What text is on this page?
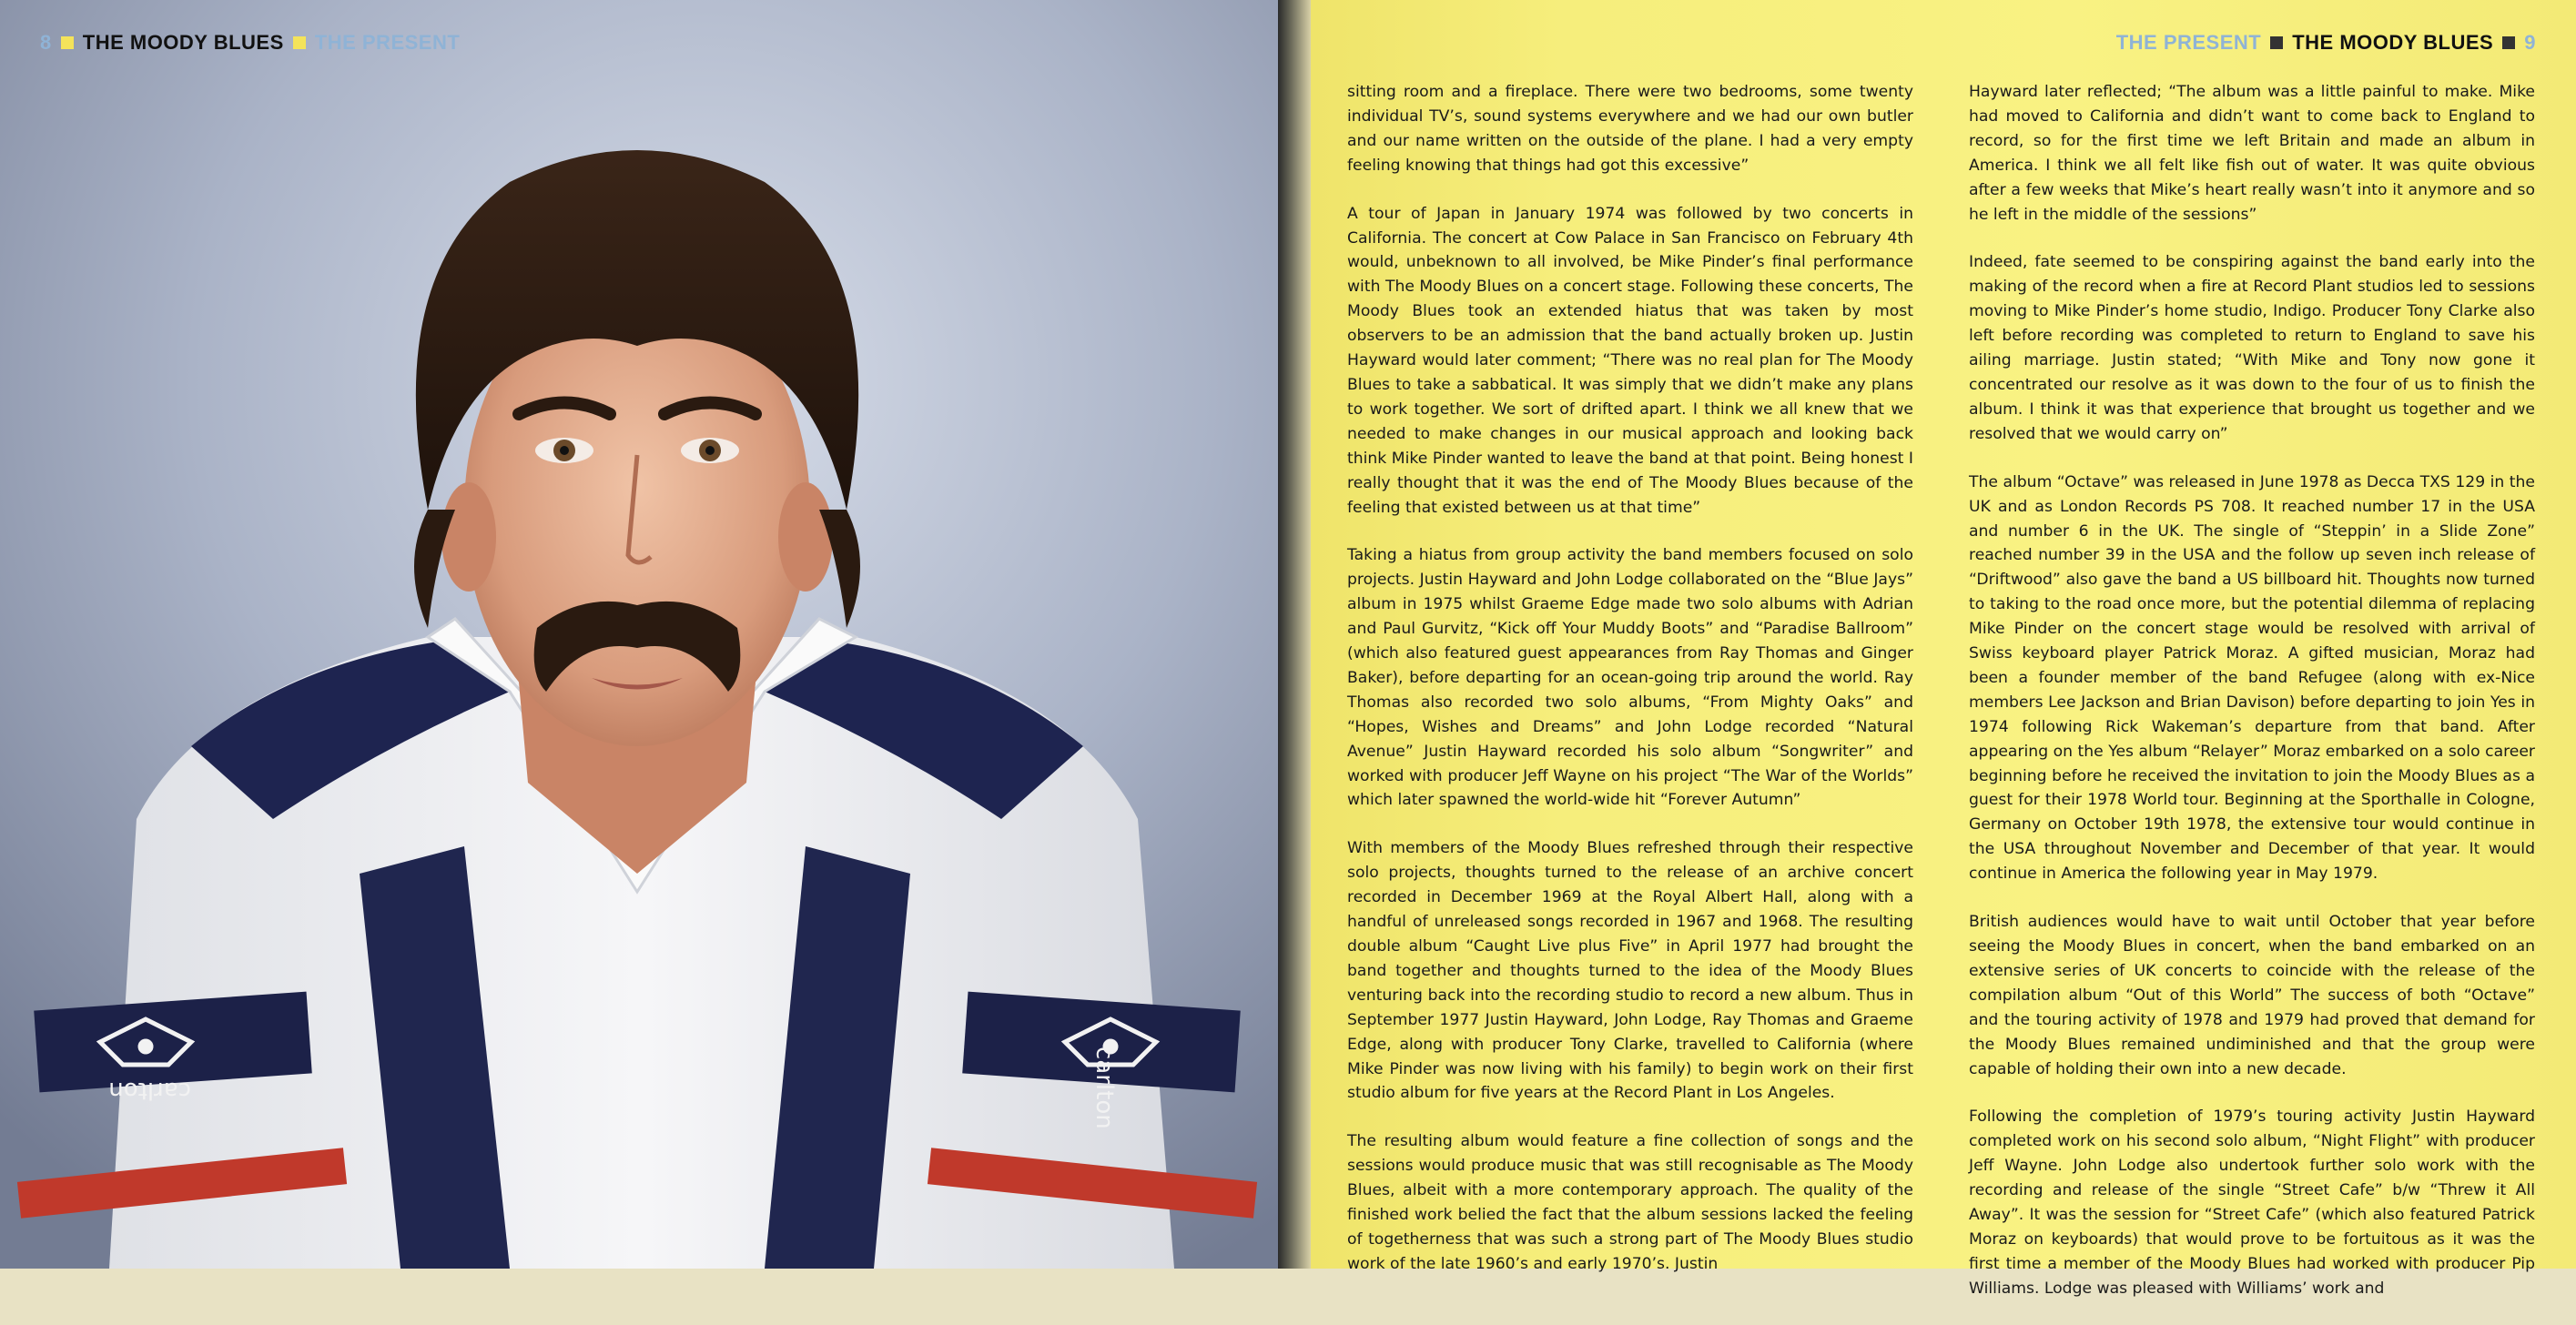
carlton	carlton
8 THE MOODY BLUES THE PRESENT	THE PRESENT THE MOODY BLUES 9

sitting room and a fireplace. There were two bedrooms, some twenty individual TV’s, sound systems everywhere and we had our own butler and our name written on the outside of the plane. I had a very empty feeling knowing that things had got this excessive”

A tour of Japan in January 1974 was followed by two concerts in California. The concert at Cow Palace in San Francisco on February 4th would, unbeknown to all involved, be Mike Pinder’s final performance with The Moody Blues on a concert stage. Following these concerts, The Moody Blues took an extended hiatus that was taken by most observers to be an admission that the band actually broken up. Justin Hayward would later comment; “There was no real plan for The Moody Blues to take a sabbatical. It was simply that we didn’t make any plans to work together. We sort of drifted apart. I think we all knew that we needed to make changes in our musical approach and looking back think Mike Pinder wanted to leave the band at that point. Being honest I really thought that it was the end of The Moody Blues because of the feeling that existed between us at that time”

Taking a hiatus from group activity the band members focused on solo projects. Justin Hayward and John Lodge collaborated on the “Blue Jays” album in 1975 whilst Graeme Edge made two solo albums with Adrian and Paul Gurvitz, “Kick off Your Muddy Boots” and “Paradise Ballroom” (which also featured guest appearances from Ray Thomas and Ginger Baker), before departing for an ocean-going trip around the world. Ray Thomas also recorded two solo albums, “From Mighty Oaks” and “Hopes, Wishes and Dreams” and John Lodge recorded “Natural Avenue” Justin Hayward recorded his solo album “Songwriter” and worked with producer Jeff Wayne on his project “The War of the Worlds” which later spawned the world-wide hit “Forever Autumn”

With members of the Moody Blues refreshed through their respective solo projects, thoughts turned to the release of an archive concert recorded in December 1969 at the Royal Albert Hall, along with a handful of unreleased songs recorded in 1967 and 1968. The resulting double album “Caught Live plus Five” in April 1977 had brought the band together and thoughts turned to the idea of the Moody Blues venturing back into the recording studio to record a new album. Thus in September 1977 Justin Hayward, John Lodge, Ray Thomas and Graeme Edge, along with producer Tony Clarke, travelled to California (where Mike Pinder was now living with his family) to begin work on their first studio album for five years at the Record Plant in Los Angeles.

The resulting album would feature a fine collection of songs and the sessions would produce music that was still recognisable as The Moody Blues, albeit with a more contemporary approach. The quality of the finished work belied the fact that the album sessions lacked the feeling of togetherness that was such a strong part of The Moody Blues studio work of the late 1960’s and early 1970’s. Justin

Hayward later reflected; “The album was a little painful to make. Mike had moved to California and didn’t want to come back to England to record, so for the first time we left Britain and made an album in America. I think we all felt like fish out of water. It was quite obvious after a few weeks that Mike’s heart really wasn’t into it anymore and so he left in the middle of the sessions”

Indeed, fate seemed to be conspiring against the band early into the making of the record when a fire at Record Plant studios led to sessions moving to Mike Pinder’s home studio, Indigo. Producer Tony Clarke also left before recording was completed to return to England to save his ailing marriage. Justin stated; “With Mike and Tony now gone it concentrated our resolve as it was down to the four of us to finish the album. I think it was that experience that brought us together and we resolved that we would carry on”

The album “Octave” was released in June 1978 as Decca TXS 129 in the UK and as London Records PS 708. It reached number 17 in the USA and number 6 in the UK. The single of “Steppin’ in a Slide Zone” reached number 39 in the USA and the follow up seven inch release of “Driftwood” also gave the band a US billboard hit. Thoughts now turned to taking to the road once more, but the potential dilemma of replacing Mike Pinder on the concert stage would be resolved with arrival of Swiss keyboard player Patrick Moraz. A gifted musician, Moraz had been a founder member of the band Refugee (along with ex-Nice members Lee Jackson and Brian Davison) before departing to join Yes in 1974 following Rick Wakeman’s departure from that band. After appearing on the Yes album “Relayer” Moraz embarked on a solo career beginning before he received the invitation to join the Moody Blues as a guest for their 1978 World tour. Beginning at the Sporthalle in Cologne, Germany on October 19th 1978, the extensive tour would continue in the USA throughout November and December of that year. It would continue in America the following year in May 1979.

British audiences would have to wait until October that year before seeing the Moody Blues in concert, when the band embarked on an extensive series of UK concerts to coincide with the release of the compilation album “Out of this World” The success of both “Octave” and the touring activity of 1978 and 1979 had proved that demand for the Moody Blues remained undiminished and that the group were capable of holding their own into a new decade.

Following the completion of 1979’s touring activity Justin Hayward completed work on his second solo album, “Night Flight” with producer Jeff Wayne. John Lodge also undertook further solo work with the recording and release of the single “Street Cafe” b/w “Threw it All Away”. It was the session for “Street Cafe” (which also featured Patrick Moraz on keyboards) that would prove to be fortuitous as it was the first time a member of the Moody Blues had worked with producer Pip Williams. Lodge was pleased with Williams’ work and
